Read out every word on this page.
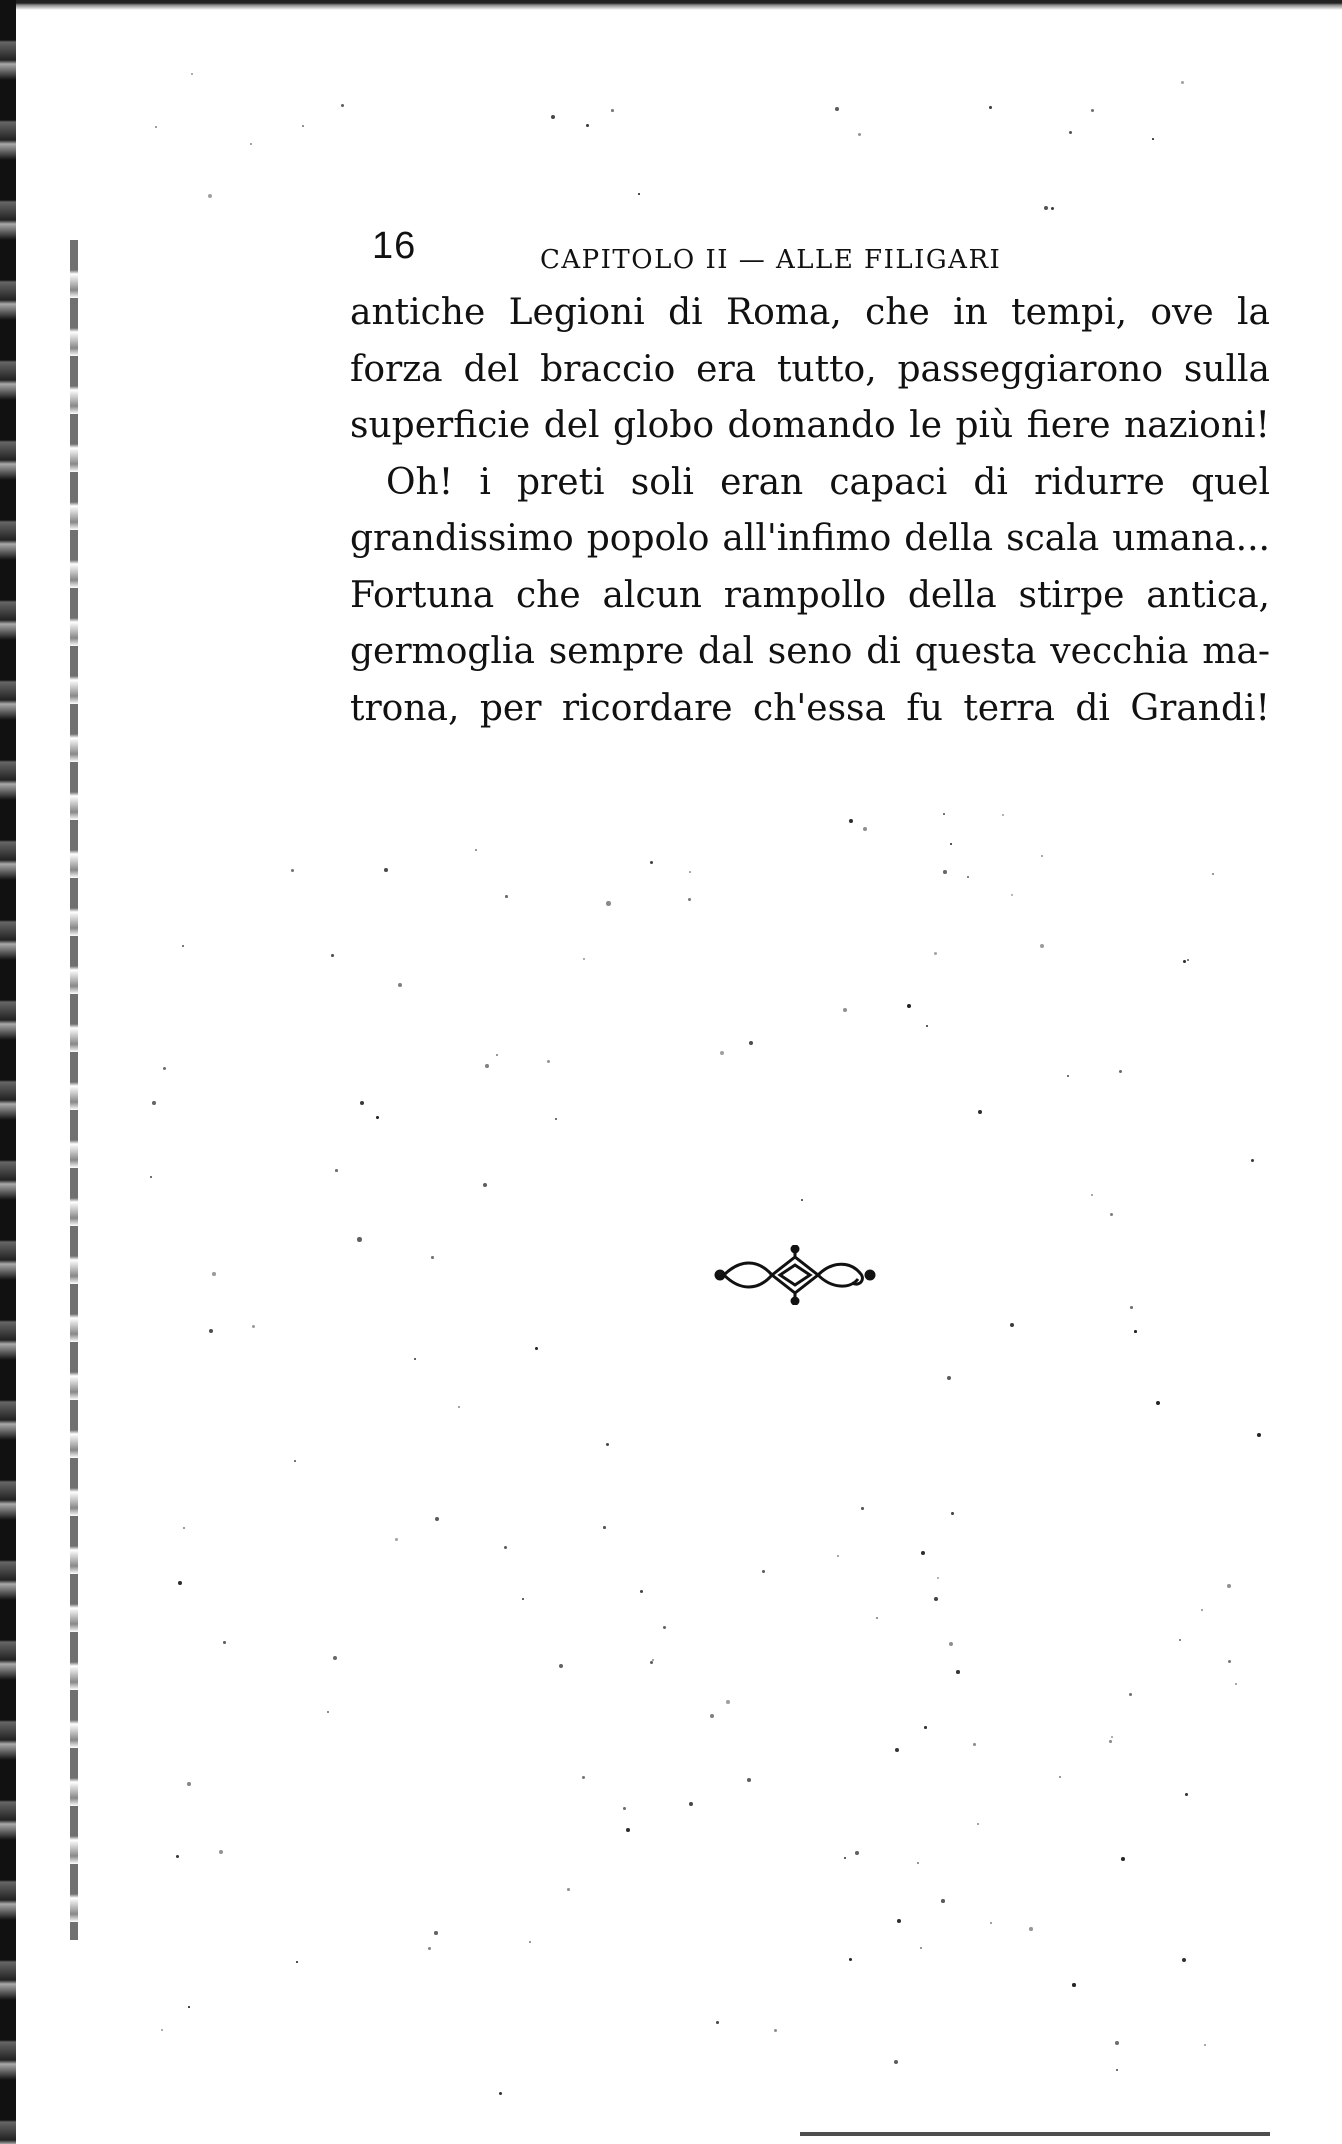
16	CAPITOLO II — ALLE FILIGARI

antiche Legioni di Roma, che in tempi, ove la
forza del braccio era tutto, passeggiarono sulla
superficie del globo domando le più fiere nazioni!

Oh! i preti soli eran capaci di ridurre quel
grandissimo popolo all'infimo della scala umana...
Fortuna che alcun rampollo della stirpe antica,
germoglia sempre dal seno di questa vecchia ma-
trona, per ricordare ch'essa fu terra di Grandi!
